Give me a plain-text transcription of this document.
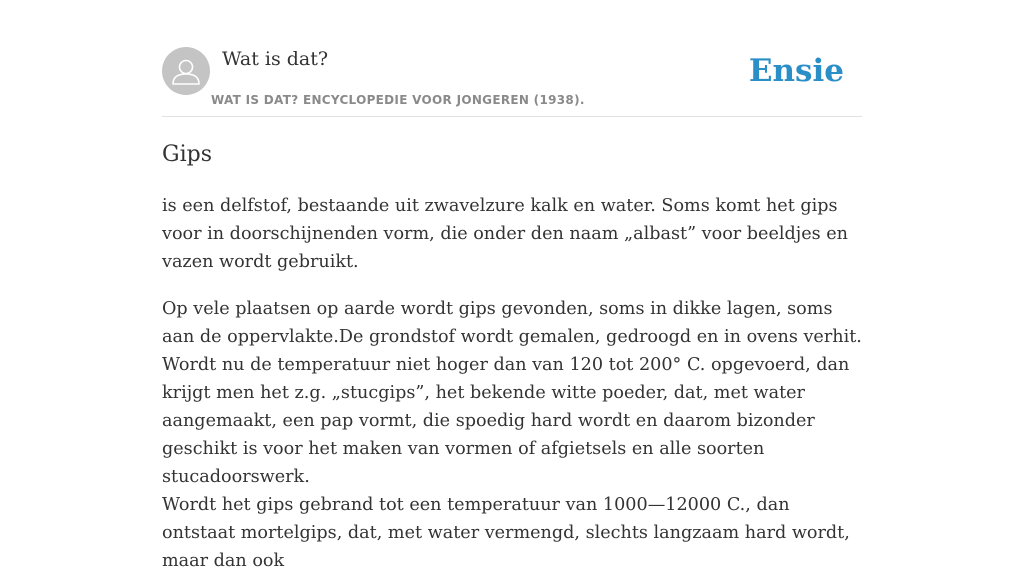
Wat is dat?
WAT IS DAT? ENCYCLOPEDIE VOOR JONGEREN (1938).
Ensie
Gips

is een delfstof, bestaande uit zwavelzure kalk en water. Soms komt het gips voor in doorschijnenden vorm, die onder den naam „albast” voor beeldjes en vazen wordt gebruikt.

Op vele plaatsen op aarde wordt gips gevonden, soms in dikke lagen, soms aan de oppervlakte.De grondstof wordt gemalen, gedroogd en in ovens verhit. Wordt nu de temperatuur niet hoger dan van 120 tot 200° C. opgevoerd, dan krijgt men het z.g. „stucgips”, het bekende witte poeder, dat, met water aangemaakt, een pap vormt, die spoedig hard wordt en daarom bizonder geschikt is voor het maken van vormen of afgietsels en alle soorten stucadoorswerk.

Wordt het gips gebrand tot een temperatuur van 1000—12000 C., dan ontstaat mortelgips, dat, met water vermengd, slechts langzaam hard wordt, maar dan ook
